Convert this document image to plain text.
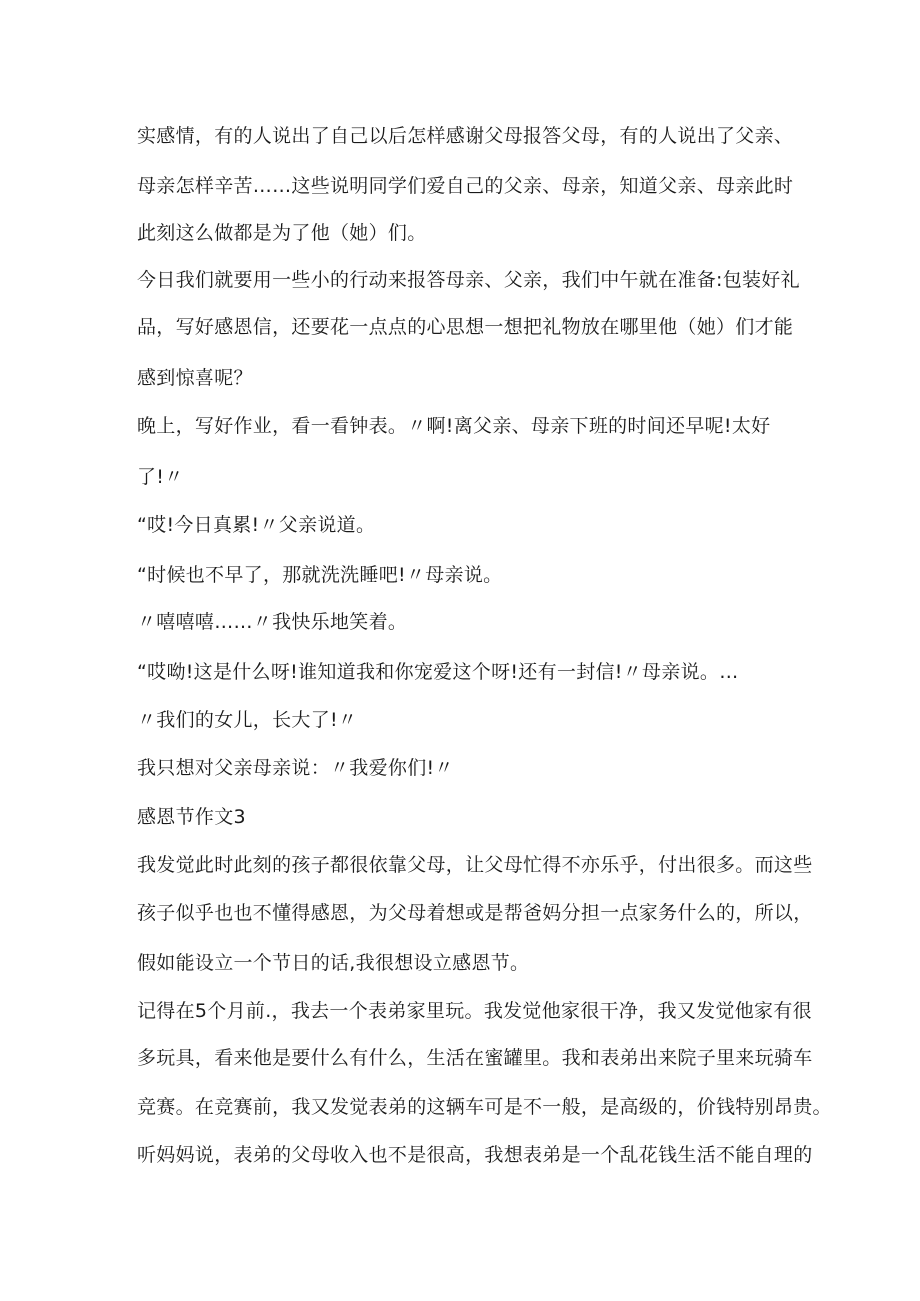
实感情，有的人说出了自己以后怎样感谢父母报答父母，有的人说出了父亲、
母亲怎样辛苦……这些说明同学们爱自己的父亲、母亲，知道父亲、母亲此时
此刻这么做都是为了他（她）们。
今日我们就要用一些小的行动来报答母亲、父亲，我们中午就在准备:包装好礼
品，写好感恩信，还要花一点点的心思想一想把礼物放在哪里他（她）们才能
感到惊喜呢？
晚上，写好作业，看一看钟表。〃啊!离父亲、母亲下班的时间还早呢!太好
了!〃
“哎!今日真累!〃父亲说道。
“时候也不早了，那就洗洗睡吧!〃母亲说。
〃嘻嘻嘻……〃我快乐地笑着。
“哎呦!这是什么呀!谁知道我和你宠爱这个呀!还有一封信!〃母亲说。…
〃我们的女儿，长大了!〃
我只想对父亲母亲说：〃我爱你们!〃
感恩节作文3
我发觉此时此刻的孩子都很依靠父母，让父母忙得不亦乐乎，付出很多。而这些
孩子似乎也也不懂得感恩，为父母着想或是帮爸妈分担一点家务什么的，所以，
假如能设立一个节日的话,我很想设立感恩节。
记得在5个月前.，我去一个表弟家里玩。我发觉他家很干净，我又发觉他家有很
多玩具，看来他是要什么有什么，生活在蜜罐里。我和表弟出来院子里来玩骑车
竞赛。在竞赛前，我又发觉表弟的这辆车可是不一般，是高级的，价钱特别昂贵。
听妈妈说，表弟的父母收入也不是很高，我想表弟是一个乱花钱生活不能自理的
